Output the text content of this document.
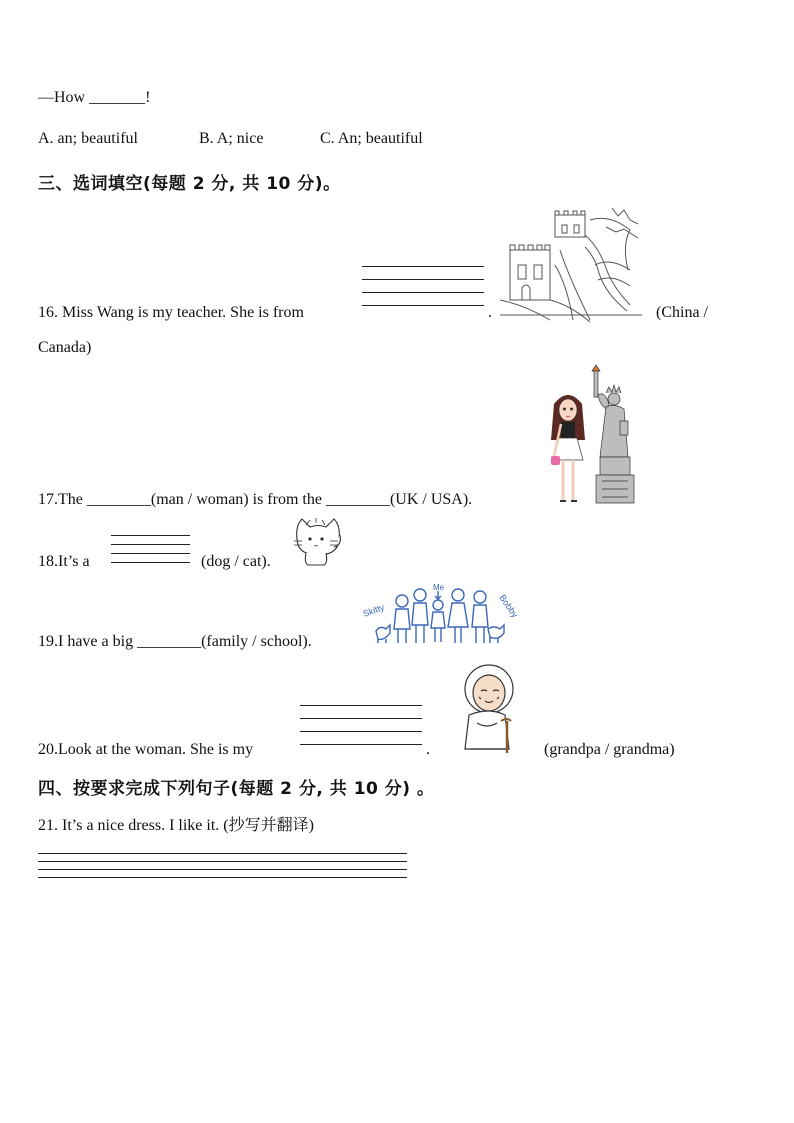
—How _______!
A. an; beautiful	B. A; nice	C. An; beautiful
三、选词填空(每题 2 分, 共 10 分)。
16. Miss Wang is my teacher. She is from	.	(China /
Canada)
17.The ________(man / woman) is from the ________(UK / USA).
18.It’s a	(dog / cat).
Skitty
Me
Bobby
19.I have a big ________(family / school).
20.Look at the woman. She is my	.	(grandpa / grandma)
四、按要求完成下列句子(每题 2 分, 共 10 分) 。
21. It’s a nice dress. I like it. (抄写并翻译)
